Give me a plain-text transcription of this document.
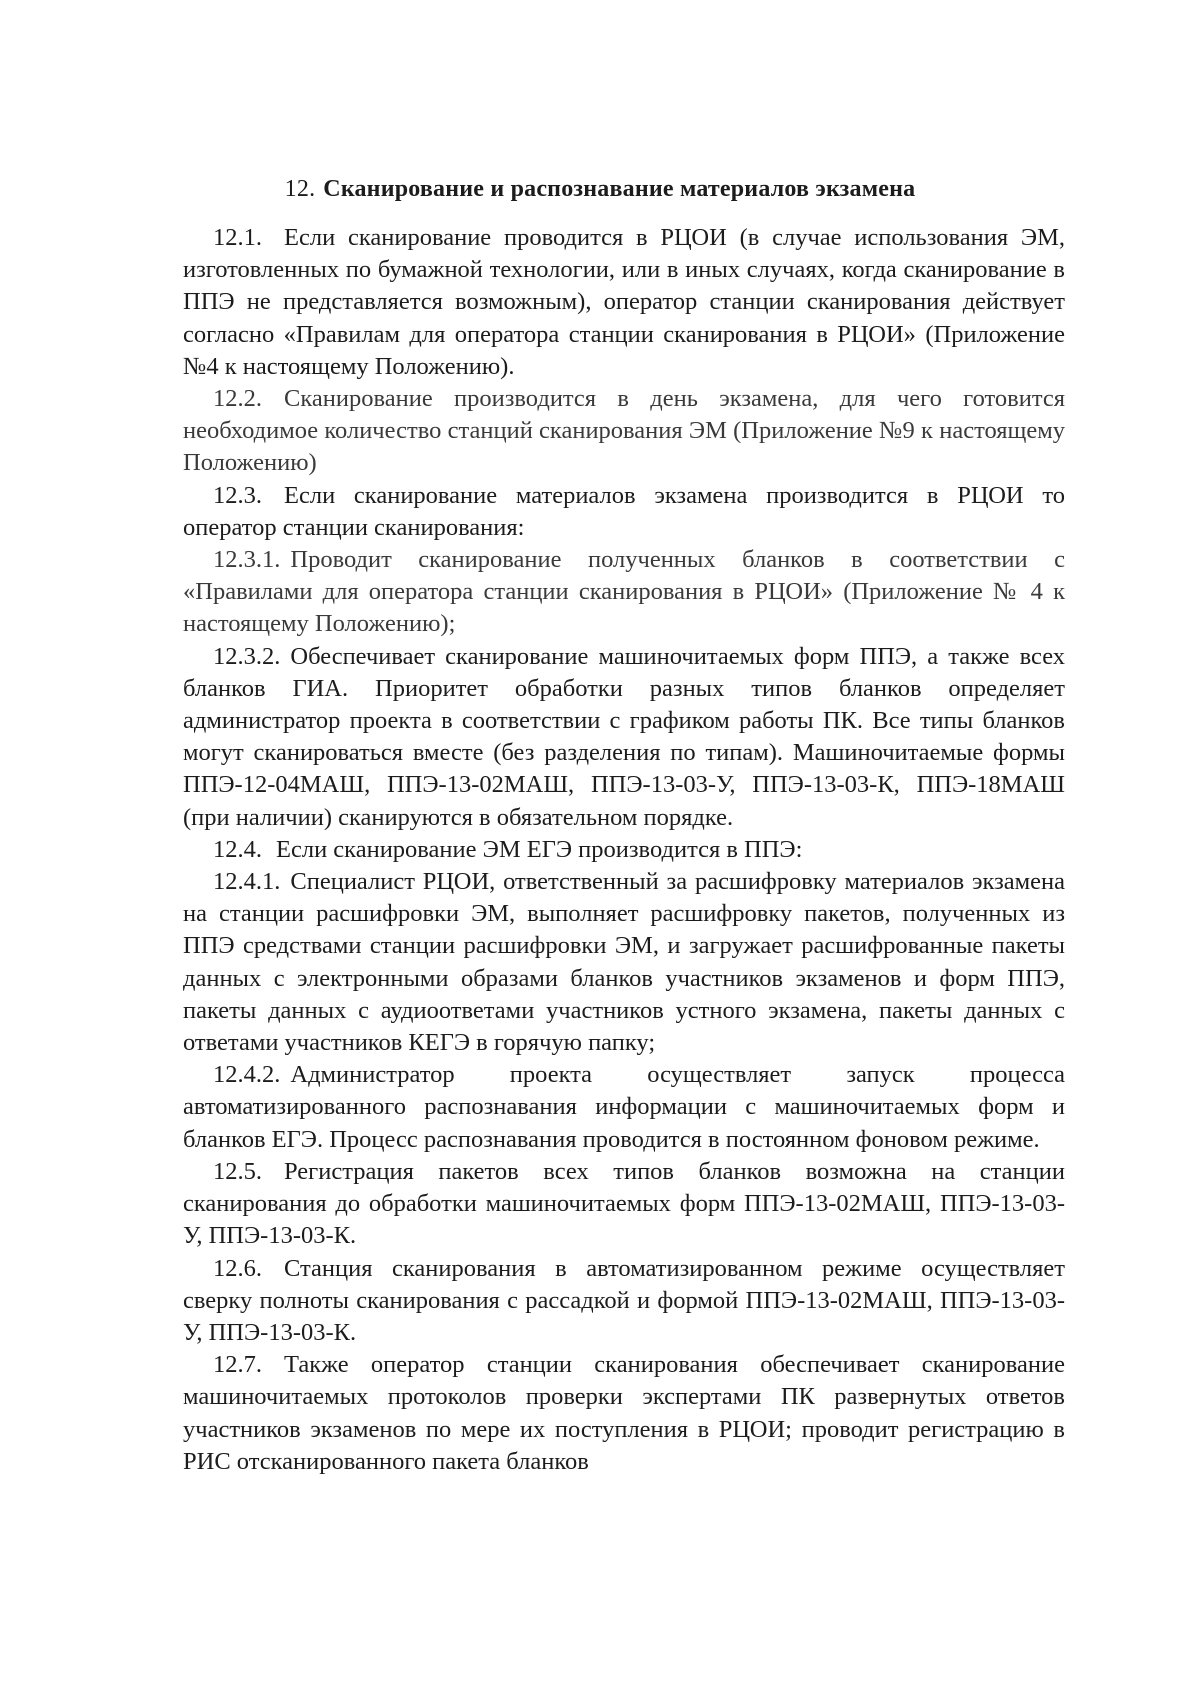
12. Сканирование и распознавание материалов экзамена

12.1. Если сканирование проводится в РЦОИ (в случае использования ЭМ, изготовленных по бумажной технологии, или в иных случаях, когда сканирование в ППЭ не представляется возможным), оператор станции сканирования действует согласно «Правилам для оператора станции сканирования в РЦОИ» (Приложение №4 к настоящему Положению).

12.2. Сканирование производится в день экзамена, для чего готовится необходимое количество станций сканирования ЭМ (Приложение №9 к настоящему Положению)

12.3. Если сканирование материалов экзамена производится в РЦОИ то оператор станции сканирования:

12.3.1. Проводит сканирование полученных бланков в соответствии с «Правилами для оператора станции сканирования в РЦОИ» (Приложение № 4 к настоящему Положению);

12.3.2. Обеспечивает сканирование машиночитаемых форм ППЭ, а также всех бланков ГИА. Приоритет обработки разных типов бланков определяет администратор проекта в соответствии с графиком работы ПК. Все типы бланков могут сканироваться вместе (без разделения по типам). Машиночитаемые формы ППЭ-12-04МАШ, ППЭ-13-02МАШ, ППЭ-13-03-У, ППЭ-13-03-К, ППЭ-18МАШ (при наличии) сканируются в обязательном порядке.

12.4. Если сканирование ЭМ ЕГЭ производится в ППЭ:

12.4.1. Специалист РЦОИ, ответственный за расшифровку материалов экзамена на станции расшифровки ЭМ, выполняет расшифровку пакетов, полученных из ППЭ средствами станции расшифровки ЭМ, и загружает расшифрованные пакеты данных с электронными образами бланков участников экзаменов и форм ППЭ, пакеты данных с аудиоответами участников устного экзамена, пакеты данных с ответами участников КЕГЭ в горячую папку;

12.4.2. Администратор проекта осуществляет запуск процесса автоматизированного распознавания информации с машиночитаемых форм и бланков ЕГЭ. Процесс распознавания проводится в постоянном фоновом режиме.

12.5. Регистрация пакетов всех типов бланков возможна на станции сканирования до обработки машиночитаемых форм ППЭ-13-02МАШ, ППЭ-13-03-У, ППЭ-13-03-К.

12.6. Станция сканирования в автоматизированном режиме осуществляет сверку полноты сканирования с рассадкой и формой ППЭ-13-02МАШ, ППЭ-13-03-У, ППЭ-13-03-К.

12.7. Также оператор станции сканирования обеспечивает сканирование машиночитаемых протоколов проверки экспертами ПК развернутых ответов участников экзаменов по мере их поступления в РЦОИ; проводит регистрацию в РИС отсканированного пакета бланков
